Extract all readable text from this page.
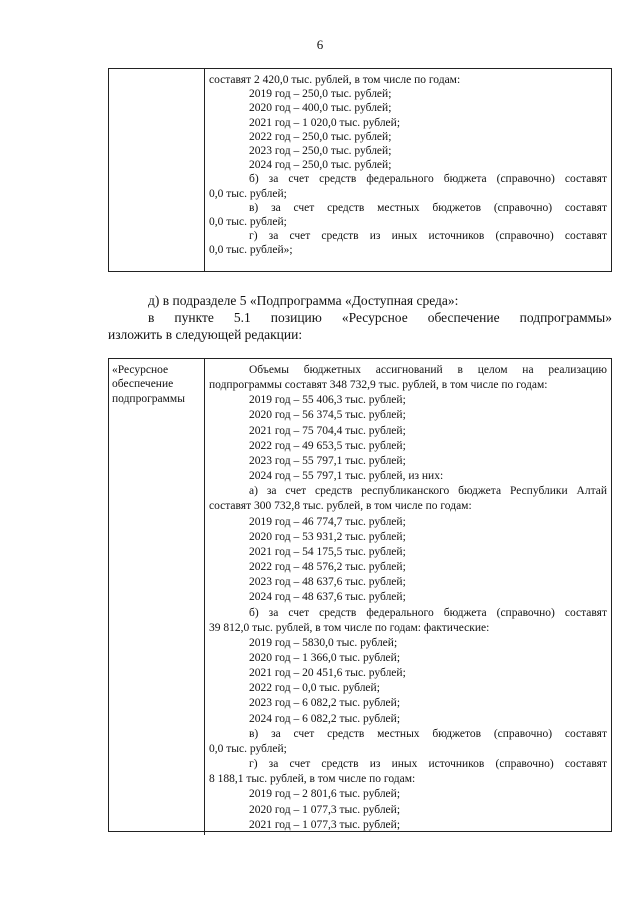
6
составят 2 420,0 тыс. рублей, в том числе по годам:
2019 год – 250,0 тыс. рублей;
2020 год – 400,0 тыс. рублей;
2021 год – 1 020,0 тыс. рублей;
2022 год – 250,0 тыс. рублей;
2023 год – 250,0 тыс. рублей;
2024 год – 250,0 тыс. рублей;
б) за счет средств федерального бюджета (справочно) составят
0,0 тыс. рублей;
в) за счет средств местных бюджетов (справочно) составят
0,0 тыс. рублей;
г) за счет средств из иных источников (справочно) составят
0,0 тыс. рублей»;
д) в подразделе 5 «Подпрограмма «Доступная среда»:
в пункте 5.1 позицию «Ресурсное обеспечение подпрограммы»
изложить в следующей редакции:
«Ресурсное
обеспечение
подпрограммы
Объемы бюджетных ассигнований в целом на реализацию
подпрограммы составят 348 732,9 тыс. рублей, в том числе по годам:
2019 год – 55 406,3 тыс. рублей;
2020 год – 56 374,5 тыс. рублей;
2021 год – 75 704,4 тыс. рублей;
2022 год – 49 653,5 тыс. рублей;
2023 год – 55 797,1 тыс. рублей;
2024 год – 55 797,1 тыс. рублей, из них:
а) за счет средств республиканского бюджета Республики Алтай
составят 300 732,8 тыс. рублей, в том числе по годам:
2019 год – 46 774,7 тыс. рублей;
2020 год – 53 931,2 тыс. рублей;
2021 год – 54 175,5 тыс. рублей;
2022 год – 48 576,2 тыс. рублей;
2023 год – 48 637,6 тыс. рублей;
2024 год – 48 637,6 тыс. рублей;
б) за счет средств федерального бюджета (справочно) составят
39 812,0 тыс. рублей, в том числе по годам: фактические:
2019 год – 5830,0 тыс. рублей;
2020 год – 1 366,0 тыс. рублей;
2021 год – 20 451,6 тыс. рублей;
2022 год – 0,0 тыс. рублей;
2023 год – 6 082,2 тыс. рублей;
2024 год – 6 082,2 тыс. рублей;
в) за счет средств местных бюджетов (справочно) составят
0,0 тыс. рублей;
г) за счет средств из иных источников (справочно) составят
8 188,1 тыс. рублей, в том числе по годам:
2019 год – 2 801,6 тыс. рублей;
2020 год – 1 077,3 тыс. рублей;
2021 год – 1 077,3 тыс. рублей;
